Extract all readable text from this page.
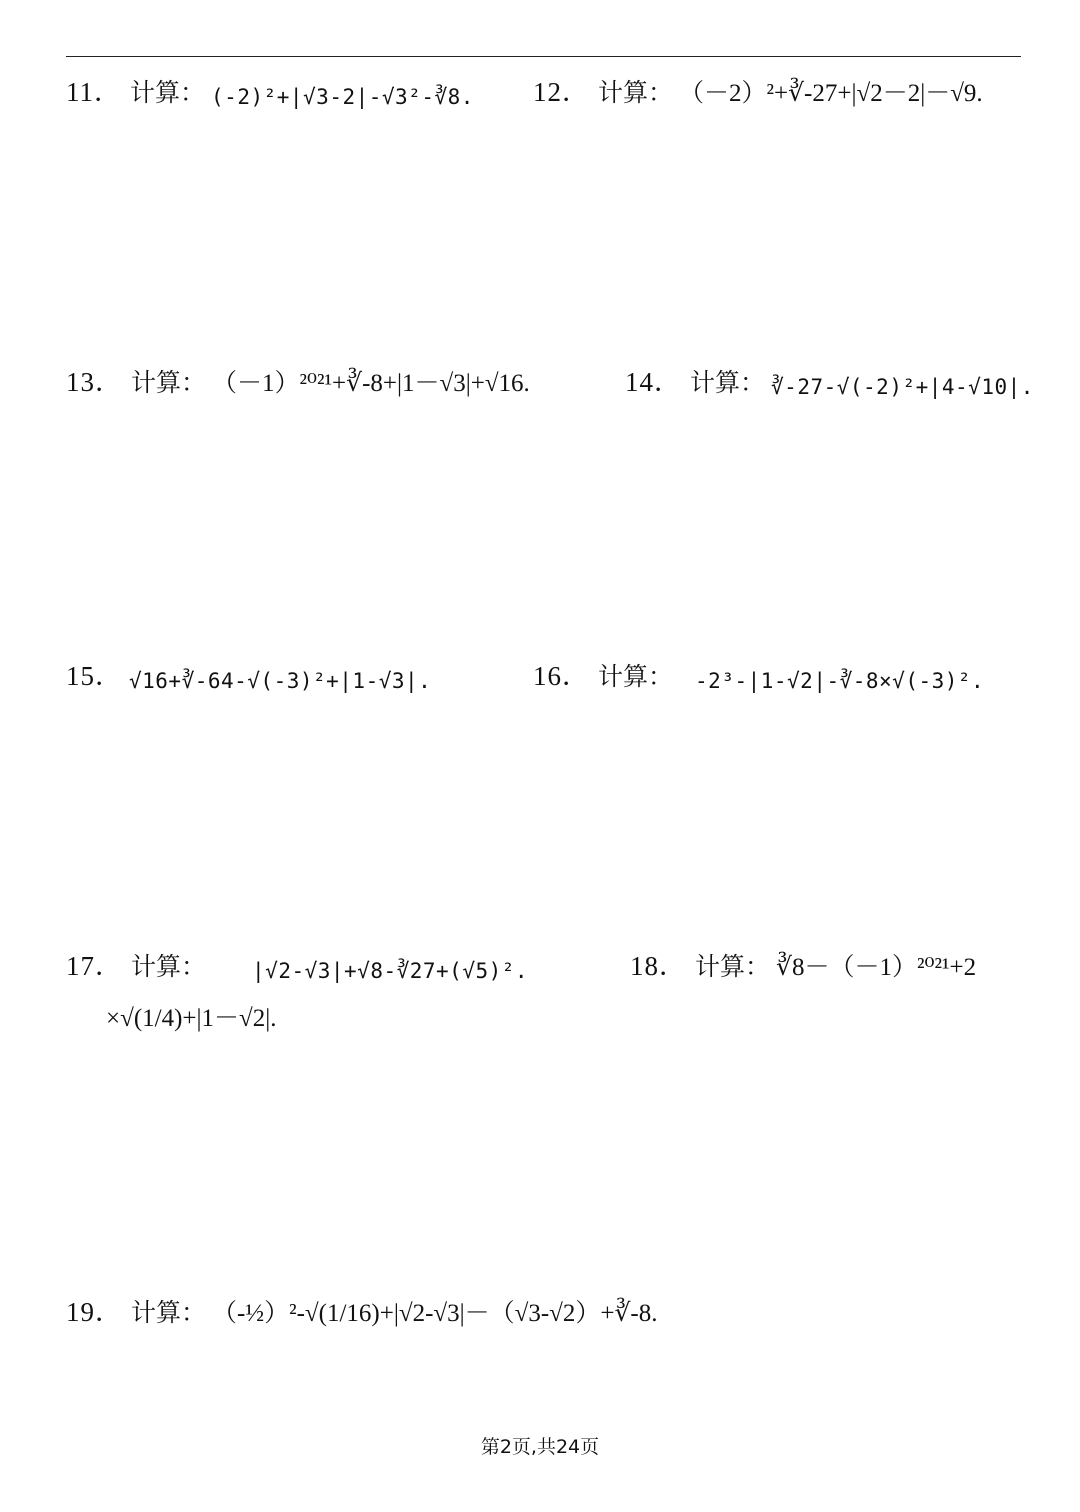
11． 计算 ： (-2)²+|√3-2|-√3²-∛8. 12． 计算 ： （－2）²+∛-27+|√2－2|－√9.
13． 计算 ： （－1）²⁰²¹+∛-8+|1－√3|+√16.	14． 计算 ： ∛-27-√(-2)²+|4-√10|.
15． √16+∛-64-√(-3)²+|1-√3|.	16． 计算 ： -2³-|1-√2|-∛-8×√(-3)².
17． 计算 ： |√2-√3|+√8-∛27+(√5)².	18． 计算 ： ∛8－（－1）²⁰²¹+2
×√(1/4)+|1－√2|.
19． 计算 ： （-½）²-√(1/16)+|√2-√3|－（√3-√2）+∛-8.
第2页,共24页
